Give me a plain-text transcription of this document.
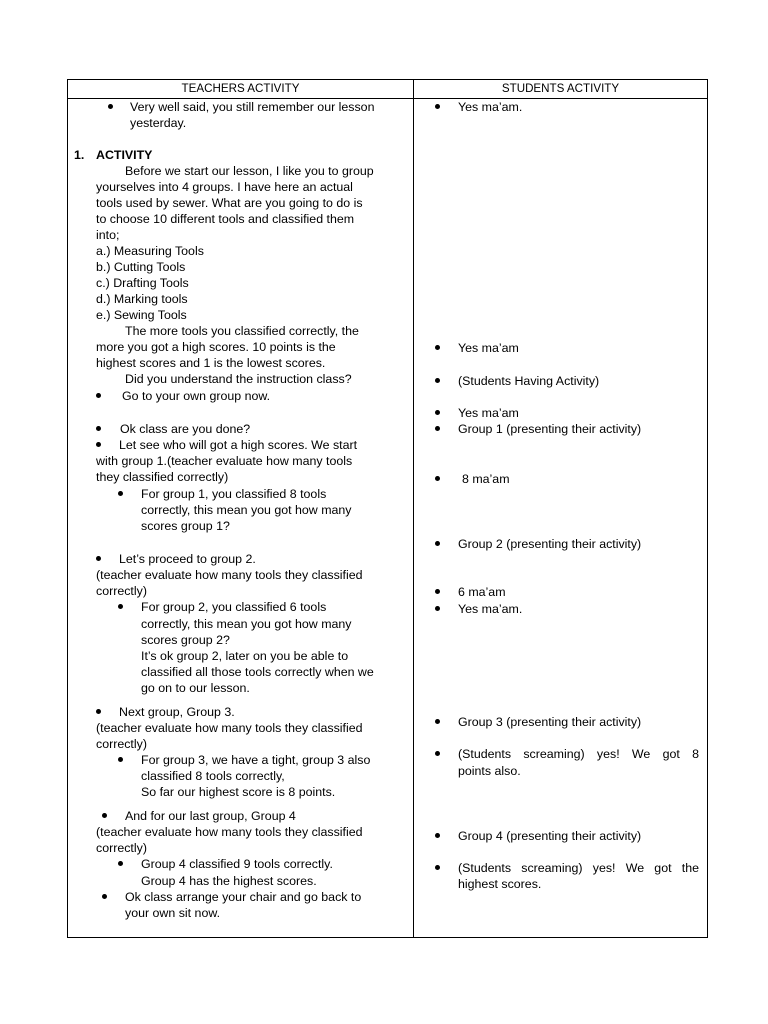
TEACHERS ACTIVITY	STUDENTS ACTIVITY
Very well said, you still remember our lesson
yesterday.
1. ACTIVITY
Before we start our lesson, I like you to group
yourselves into 4 groups. I have here an actual
tools used by sewer. What are you going to do is
to choose 10 different tools and classified them
into;
a.) Measuring Tools
b.) Cutting Tools
c.) Drafting Tools
d.) Marking tools
e.) Sewing Tools
The more tools you classified correctly, the
more you got a high scores. 10 points is the
highest scores and 1 is the lowest scores.
Did you understand the instruction class?
Go to your own group now.
Ok class are you done?
Let see who will got a high scores. We start
with group 1.(teacher evaluate how many tools
they classified correctly)
For group 1, you classified 8 tools
correctly, this mean you got how many
scores group 1?
Let’s proceed to group 2.
(teacher evaluate how many tools they classified
correctly)
For group 2, you classified 6 tools
correctly, this mean you got how many
scores group 2?
It’s ok group 2, later on you be able to
classified all those tools correctly when we
go on to our lesson.
Next group, Group 3.
(teacher evaluate how many tools they classified
correctly)
For group 3, we have a tight, group 3 also
classified 8 tools correctly,
So far our highest score is 8 points.
And for our last group, Group 4
(teacher evaluate how many tools they classified
correctly)
Group 4 classified 9 tools correctly.
Group 4 has the highest scores.
Ok class arrange your chair and go back to
your own sit now.
Yes ma’am.
Yes ma’am
(Students Having Activity)
Yes ma’am
Group 1 (presenting their activity)
8 ma’am
Group 2 (presenting their activity)
6 ma’am
Yes ma’am.
Group 3 (presenting their activity)
(Students screaming) yes! We got 8
points also.
Group 4 (presenting their activity)
(Students screaming) yes! We got the
highest scores.
